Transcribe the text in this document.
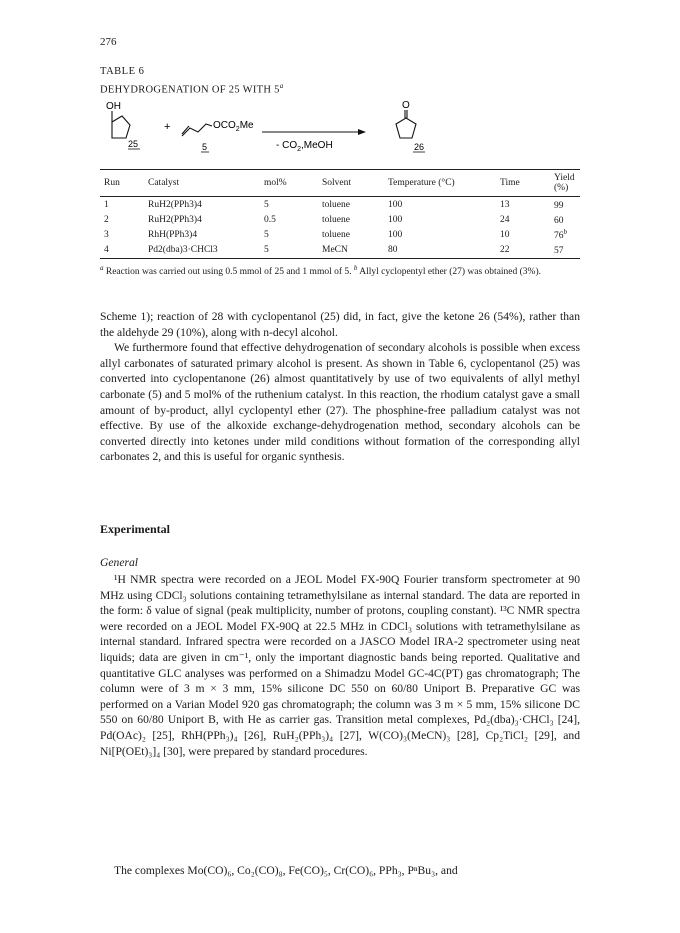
276
TABLE 6
DEHYDROGENATION OF 25 WITH 5$^a$
OH
25
+	$OCO_2Me$
5	- $CO_2,MeOH$
O
26
Run	Catalyst	mol%	Solvent	Temperature (°C)	Time	Yield (%)
1	RuH2(PPh3)4	5	toluene	100	13	99
2	RuH2(PPh3)4	0.5	toluene	100	24	60
3	RhH(PPh3)4	5	toluene	100	10	76$^b$
4	Pd2(dba)3·CHCl3	5	MeCN	80	22	57
$^a$ Reaction was carried out using 0.5 mmol of 25 and 1 mmol of 5. $^b$ Allyl cyclopentyl ether (27) was obtained (3%).

Scheme 1); reaction of 28 with cyclopentanol (25) did, in fact, give the ketone 26 (54%), rather than the aldehyde 29 (10%), along with n-decyl alcohol.

We furthermore found that effective dehydrogenation of secondary alcohols is possible when excess allyl carbonates of saturated primary alcohol is present. As shown in Table 6, cyclopentanol (25) was converted into cyclopentanone (26) almost quantitatively by use of two equivalents of allyl methyl carbonate (5) and 5 mol% of the ruthenium catalyst. In this reaction, the rhodium catalyst gave a small amount of by-product, allyl cyclopentyl ether (27). The phosphine-free palladium catalyst was not effective. By use of the alkoxide exchange-dehydrogenation method, secondary alcohols can be converted directly into ketones under mild conditions without formation of the corresponding allyl carbonates 2, and this is useful for organic synthesis.

Experimental
General

¹H NMR spectra were recorded on a JEOL Model FX-90Q Fourier transform spectrometer at 90 MHz using CDCl₃ solutions containing tetramethylsilane as internal standard. The data are reported in the form: δ value of signal (peak multiplicity, number of protons, coupling constant). ¹³C NMR spectra were recorded on a JEOL Model FX-90Q at 22.5 MHz in CDCl₃ solutions with tetramethylsilane as internal standard. Infrared spectra were recorded on a JASCO Model IRA-2 spectrometer using neat liquids; data are given in cm⁻¹, only the important diagnostic bands being reported. Qualitative and quantitative GLC analyses was performed on a Shimadzu Model GC-4C(PT) gas chromatograph; The column were of 3 m × 3 mm, 15% silicone DC 550 on 60/80 Uniport B. Preparative GC was performed on a Varian Model 920 gas chromatograph; the column was 3 m × 5 mm, 15% silicone DC 550 on 60/80 Uniport B, with He as carrier gas. Transition metal complexes, Pd₂(dba)₃·CHCl₃ [24], Pd(OAc)₂ [25], RhH(PPh₃)₄ [26], RuH₂(PPh₃)₄ [27], W(CO)₃(MeCN)₃ [28], Cp₂TiCl₂ [29], and Ni[P(OEt)₃]₄ [30], were prepared by standard procedures.

The complexes Mo(CO)₆, Co₂(CO)₈, Fe(CO)₅, Cr(CO)₆, PPh₃, PⁿBu₃, and
